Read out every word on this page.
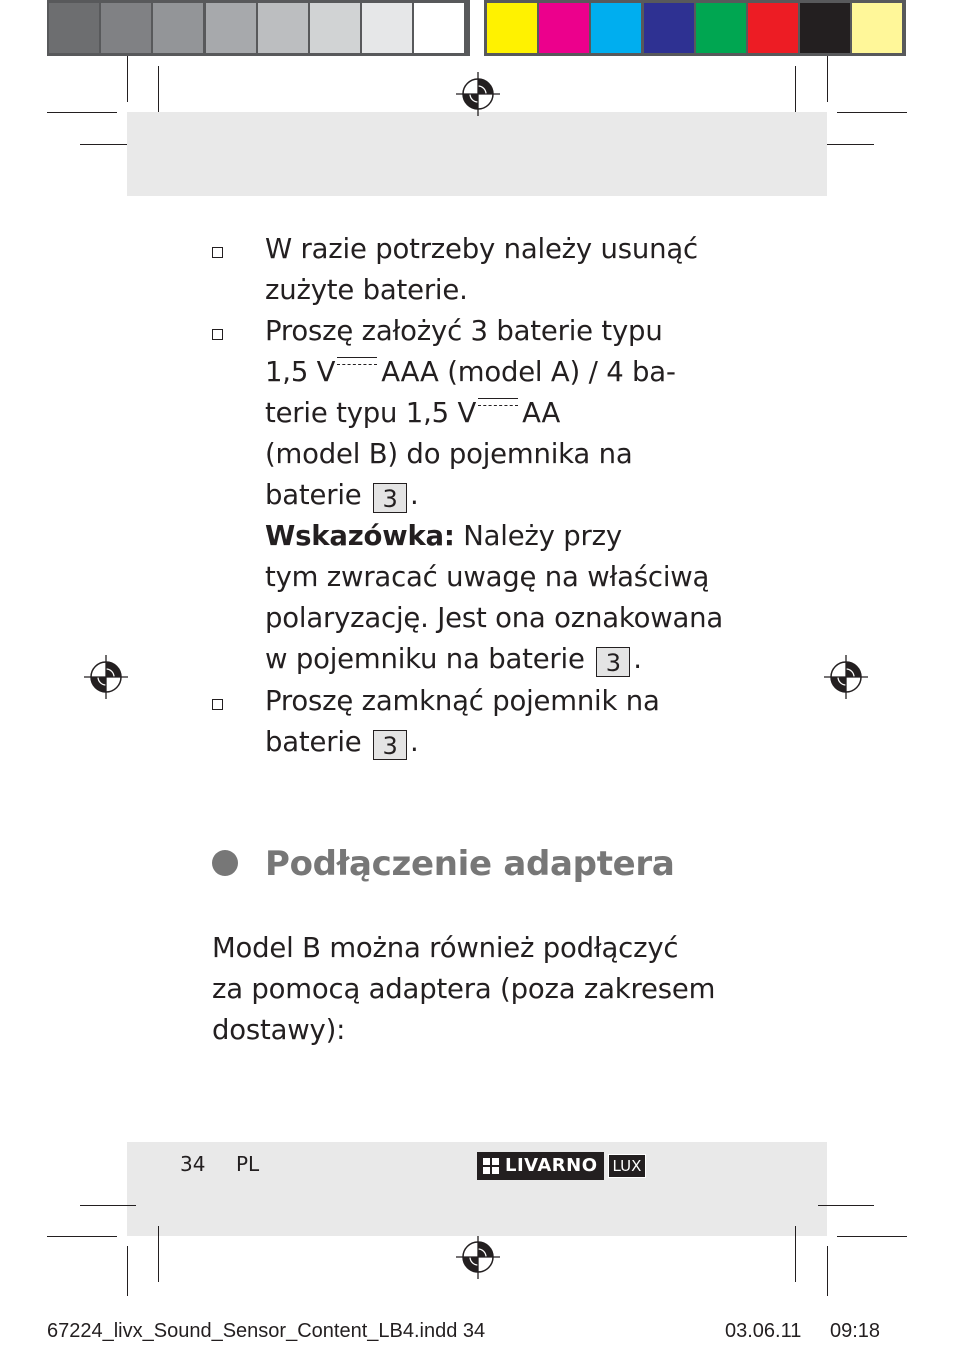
W razie potrzeby należy usunąć
zużyte baterie.
Proszę założyć 3 baterie typu
1,5 V AAA (model A) / 4 ba-
terie typu 1,5 V AA
(model B) do pojemnika na
baterie 3 .
Wskazówka: Należy przy
tym zwracać uwagę na właściwą
polaryzację. Jest ona oznakowana
w pojemniku na baterie 3 .
Proszę zamknąć pojemnik na
baterie 3 .
Podłączenie adaptera
Model B można również podłączyć
za pomocą adaptera (poza zakresem
dostawy):
34 PL	LIVARNO	LUX
67224_livx_Sound_Sensor_Content_LB4.indd 34	03.06.11 09:18
